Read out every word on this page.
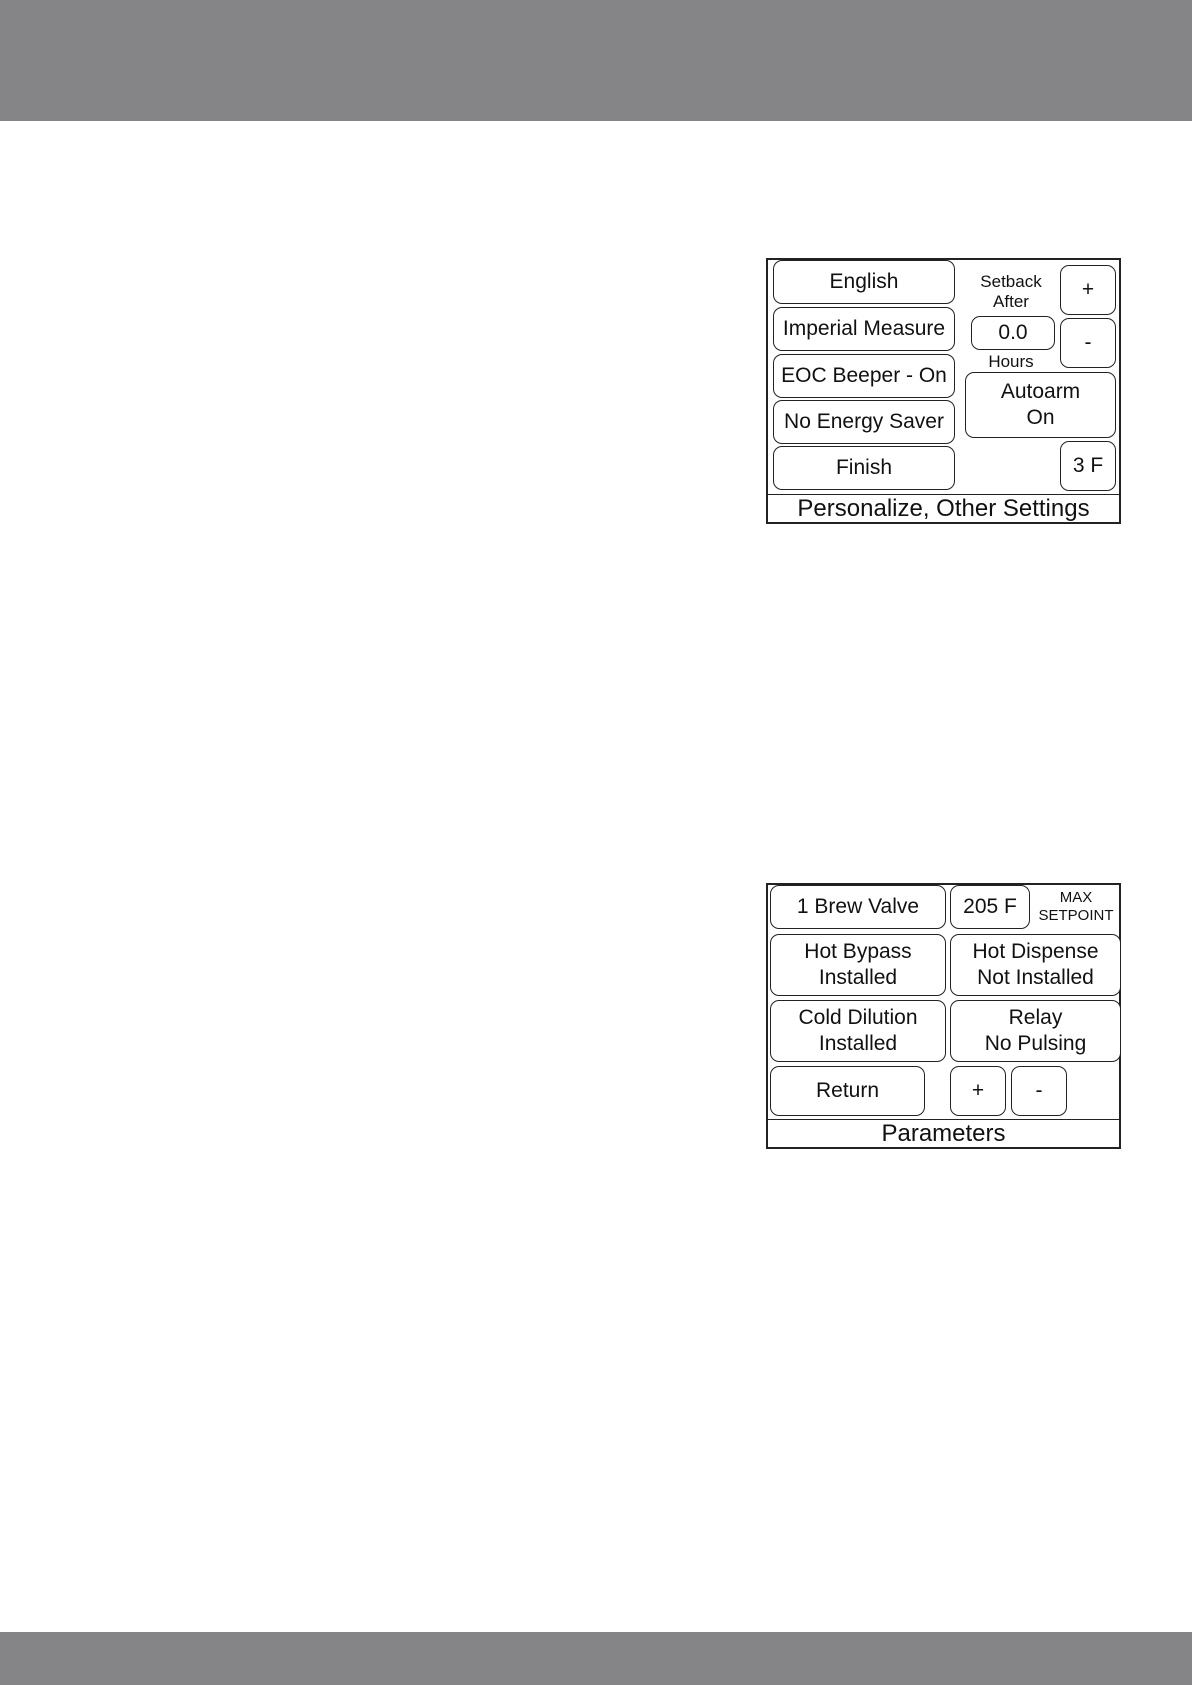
English
Imperial Measure
EOC Beeper - On
No Energy Saver
Finish
Setback
After
0.0
Hours
+
-
Autoarm
On
3 F
Personalize, Other Settings
1 Brew Valve 205 F	MAX
SETPOINT
Hot Bypass
Installed
Hot Dispense
Not Installed
Cold Dilution
Installed
Relay
No Pulsing
Return	+ -
Parameters
